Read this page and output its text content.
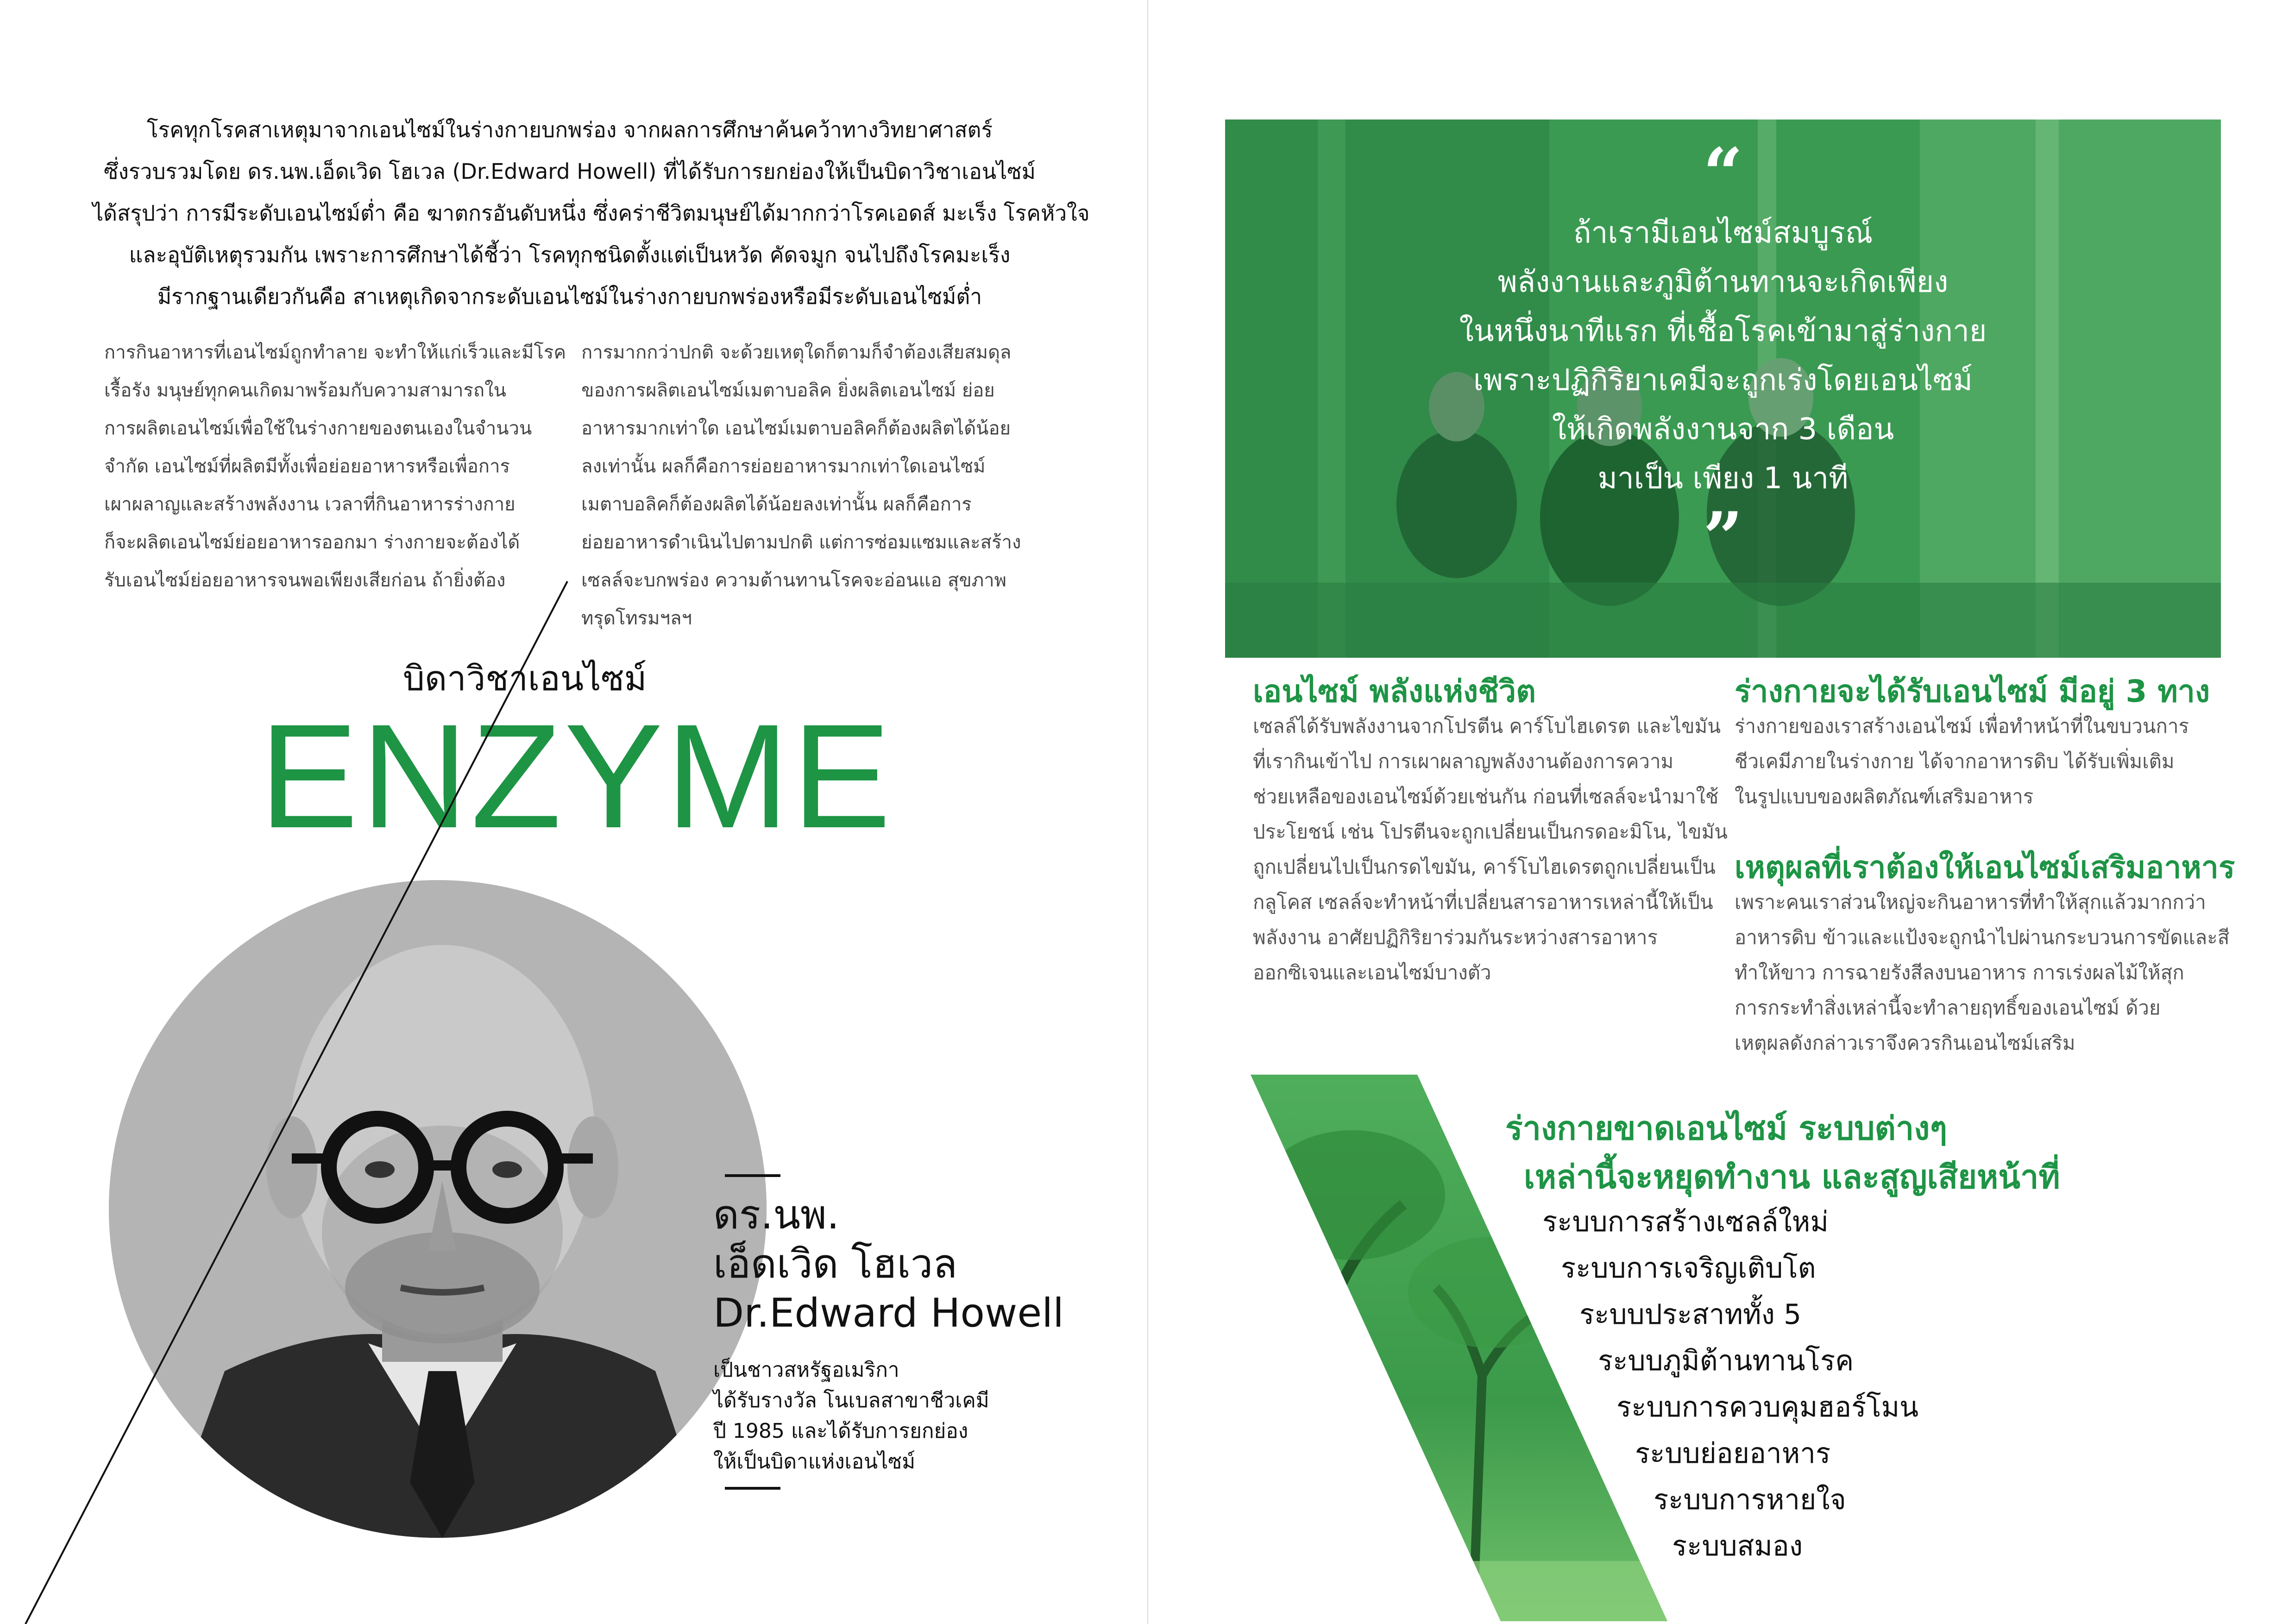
โรคทุกโรคสาเหตุมาจากเอนไซม์ในร่างกายบกพร่อง จากผลการศึกษาค้นคว้าทางวิทยาศาสตร์
ซึ่งรวบรวมโดย ดร.นพ.เอ็ดเวิด โฮเวล (Dr.Edward Howell) ที่ได้รับการยกย่องให้เป็นบิดาวิชาเอนไซม์
ได้สรุปว่า การมีระดับเอนไซม์ต่ำ คือ ฆาตกรอันดับหนึ่ง ซึ่งคร่าชีวิตมนุษย์ได้มากกว่าโรคเอดส์ มะเร็ง โรคหัวใจ
และอุบัติเหตุรวมกัน เพราะการศึกษาได้ชี้ว่า โรคทุกชนิดตั้งแต่เป็นหวัด คัดจมูก จนไปถึงโรคมะเร็ง
มีรากฐานเดียวกันคือ สาเหตุเกิดจากระดับเอนไซม์ในร่างกายบกพร่องหรือมีระดับเอนไซม์ต่ำ
การกินอาหารที่เอนไซม์ถูกทำลาย จะทำให้แก่เร็วและมีโรค
เรื้อรัง มนุษย์ทุกคนเกิดมาพร้อมกับความสามารถใน
การผลิตเอนไซม์เพื่อใช้ในร่างกายของตนเองในจำนวน
จำกัด เอนไซม์ที่ผลิตมีทั้งเพื่อย่อยอาหารหรือเพื่อการ
เผาผลาญและสร้างพลังงาน เวลาที่กินอาหารร่างกาย
ก็จะผลิตเอนไซม์ย่อยอาหารออกมา ร่างกายจะต้องได้
รับเอนไซม์ย่อยอาหารจนพอเพียงเสียก่อน ถ้ายิ่งต้อง
การมากกว่าปกติ จะด้วยเหตุใดก็ตามก็จำต้องเสียสมดุล
ของการผลิตเอนไซม์เมตาบอลิค ยิ่งผลิตเอนไซม์ ย่อย
อาหารมากเท่าใด เอนไซม์เมตาบอลิคก็ต้องผลิตได้น้อย
ลงเท่านั้น ผลก็คือการย่อยอาหารมากเท่าใดเอนไซม์
เมตาบอลิคก็ต้องผลิตได้น้อยลงเท่านั้น ผลก็คือการ
ย่อยอาหารดำเนินไปตามปกติ แต่การซ่อมแซมและสร้าง
เซลล์จะบกพร่อง ความต้านทานโรคจะอ่อนแอ สุขภาพ
ทรุดโทรมฯลฯ
บิดาวิชาเอนไซม์
ENZYME
ดร.นพ.
เอ็ดเวิด โฮเวล
Dr.Edward Howell
เป็นชาวสหรัฐอเมริกา
ได้รับรางวัล โนเบลสาขาชีวเคมี
ปี 1985 และได้รับการยกย่อง
ให้เป็นบิดาแห่งเอนไซม์
“
ถ้าเรามีเอนไซม์สมบูรณ์
พลังงานและภูมิต้านทานจะเกิดเพียง
ในหนึ่งนาทีแรก ที่เชื้อโรคเข้ามาสู่ร่างกาย
เพราะปฏิกิริยาเคมีจะถูกเร่งโดยเอนไซม์
ให้เกิดพลังงานจาก 3 เดือน
มาเป็น เพียง 1 นาที
”
เอนไซม์ พลังแห่งชีวิต
เซลล์ได้รับพลังงานจากโปรตีน คาร์โบไฮเดรต และไขมัน
ที่เรากินเข้าไป การเผาผลาญพลังงานต้องการความ
ช่วยเหลือของเอนไซม์ด้วยเช่นกัน ก่อนที่เซลล์จะนำมาใช้
ประโยชน์ เช่น โปรตีนจะถูกเปลี่ยนเป็นกรดอะมิโน, ไขมัน
ถูกเปลี่ยนไปเป็นกรดไขมัน, คาร์โบไฮเดรตถูกเปลี่ยนเป็น
กลูโคส เซลล์จะทำหน้าที่เปลี่ยนสารอาหารเหล่านี้ให้เป็น
พลังงาน อาศัยปฏิกิริยาร่วมกันระหว่างสารอาหาร
ออกซิเจนและเอนไซม์บางตัว
ร่างกายจะได้รับเอนไซม์ มีอยู่ 3 ทาง
ร่างกายของเราสร้างเอนไซม์ เพื่อทำหน้าที่ในขบวนการ
ชีวเคมีภายในร่างกาย ได้จากอาหารดิบ ได้รับเพิ่มเติม
ในรูปแบบของผลิตภัณฑ์เสริมอาหาร
เหตุผลที่เราต้องให้เอนไซม์เสริมอาหาร
เพราะคนเราส่วนใหญ่จะกินอาหารที่ทำให้สุกแล้วมากกว่า
อาหารดิบ ข้าวและแป้งจะถูกนำไปผ่านกระบวนการขัดและสี
ทำให้ขาว การฉายรังสีลงบนอาหาร การเร่งผลไม้ให้สุก
การกระทำสิ่งเหล่านี้จะทำลายฤทธิ์ของเอนไซม์ ด้วย
เหตุผลดังกล่าวเราจึงควรกินเอนไซม์เสริม
ร่างกายขาดเอนไซม์ ระบบต่างๆ
เหล่านี้จะหยุดทำงาน และสูญเสียหน้าที่
ระบบการสร้างเซลล์ใหม่
ระบบการเจริญเติบโต
ระบบประสาททั้ง 5
ระบบภูมิต้านทานโรค
ระบบการควบคุมฮอร์โมน
ระบบย่อยอาหาร
ระบบการหายใจ
ระบบสมอง
